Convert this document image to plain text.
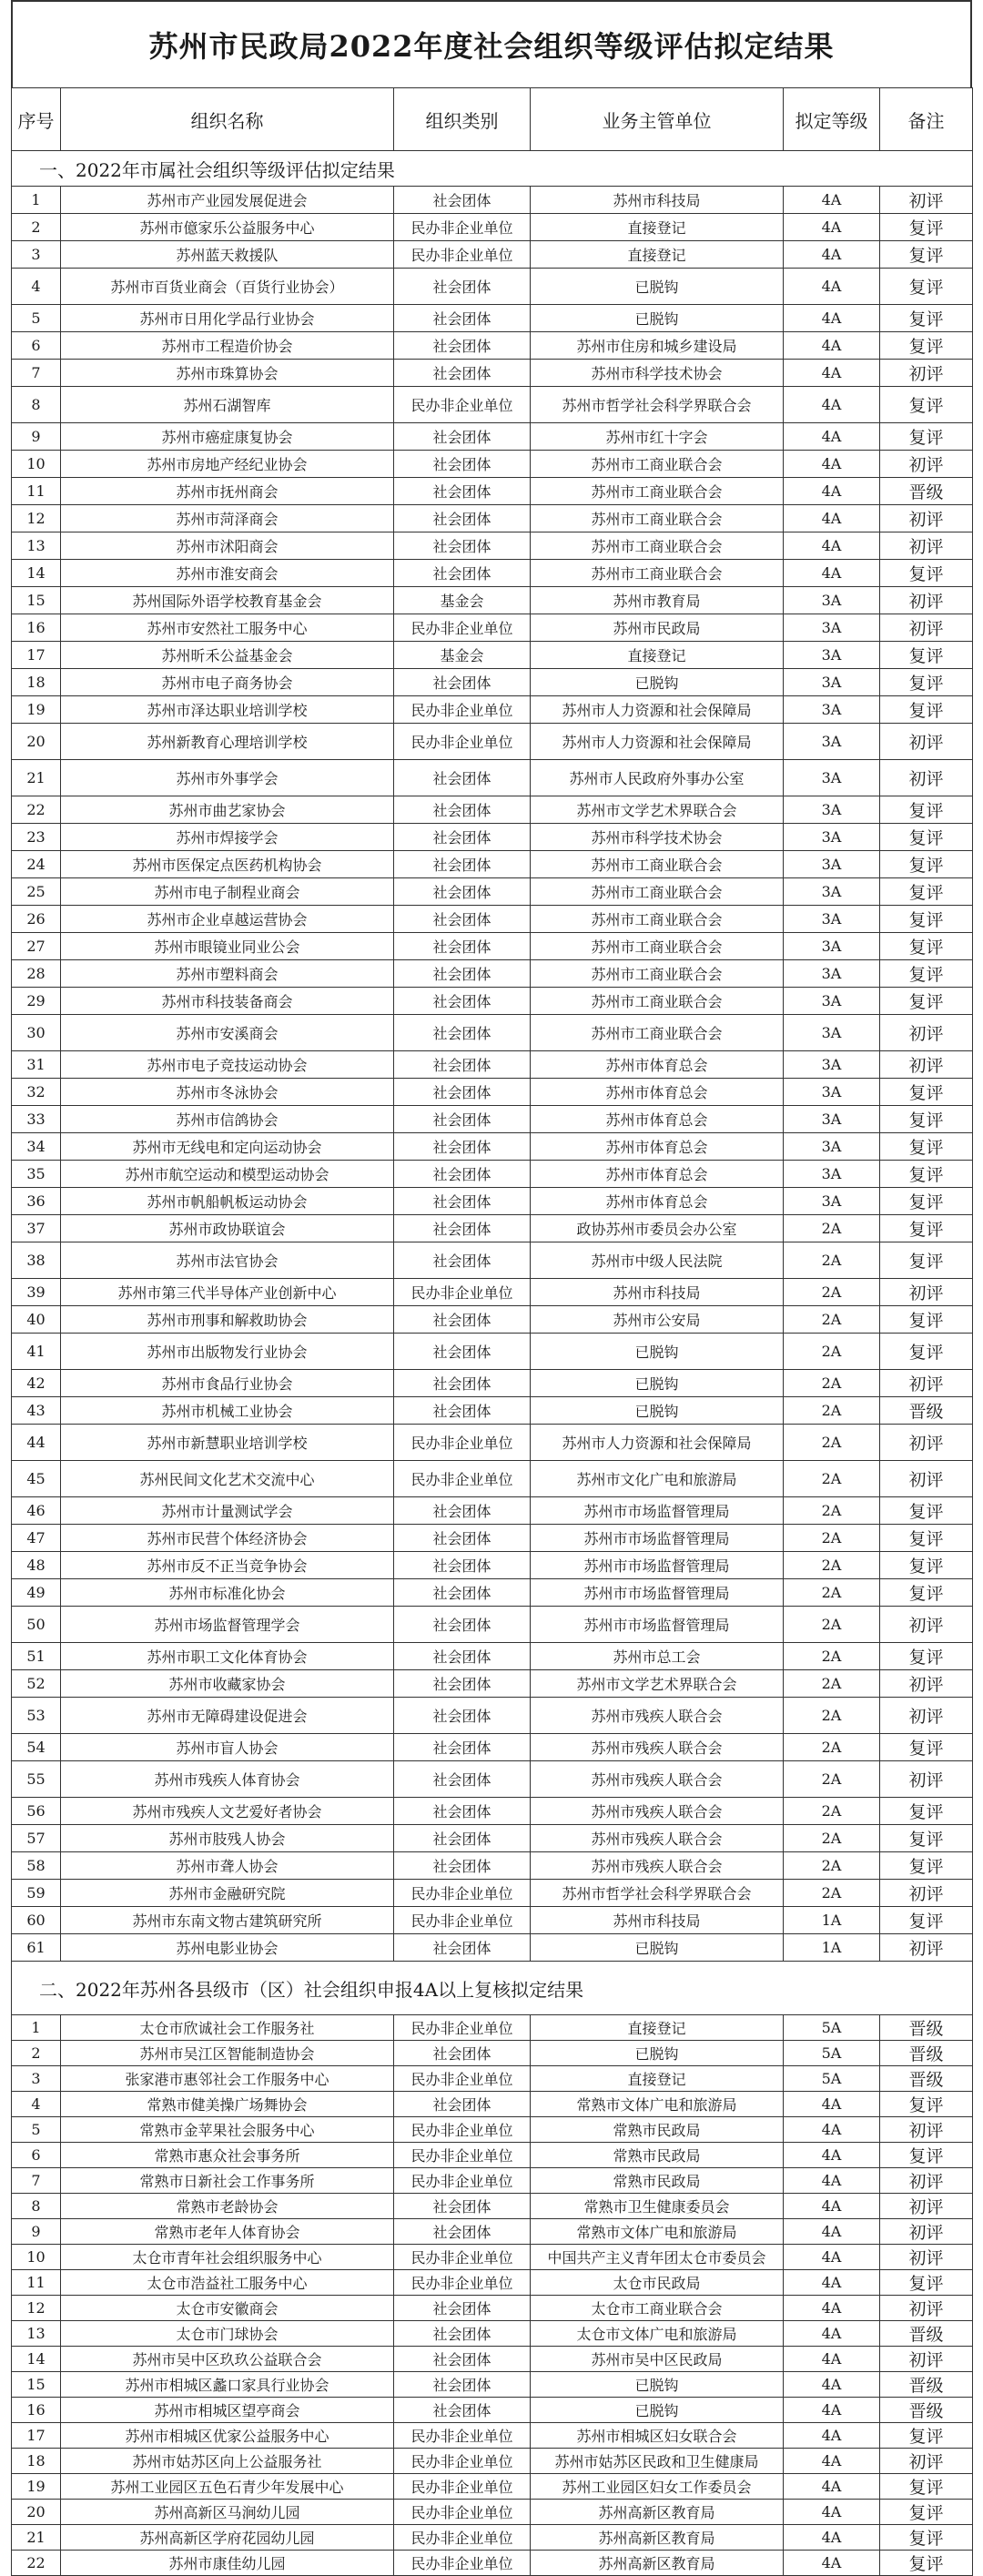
苏州市民政局2022年度社会组织等级评估拟定结果
序号	组织名称	组织类别	业务主管单位	拟定等级	备注
一、2022年市属社会组织等级评估拟定结果					
1	苏州市产业园发展促进会	社会团体	苏州市科技局	4A	初评
2	苏州市億家乐公益服务中心	民办非企业单位	直接登记	4A	复评
3	苏州蓝天救援队	民办非企业单位	直接登记	4A	复评
4	苏州市百货业商会（百货行业协会）	社会团体	已脱钩	4A	复评
5	苏州市日用化学品行业协会	社会团体	已脱钩	4A	复评
6	苏州市工程造价协会	社会团体	苏州市住房和城乡建设局	4A	复评
7	苏州市珠算协会	社会团体	苏州市科学技术协会	4A	初评
8	苏州石湖智库	民办非企业单位	苏州市哲学社会科学界联合会	4A	复评
9	苏州市癌症康复协会	社会团体	苏州市红十字会	4A	复评
10	苏州市房地产经纪业协会	社会团体	苏州市工商业联合会	4A	初评
11	苏州市抚州商会	社会团体	苏州市工商业联合会	4A	晋级
12	苏州市菏泽商会	社会团体	苏州市工商业联合会	4A	初评
13	苏州市沭阳商会	社会团体	苏州市工商业联合会	4A	初评
14	苏州市淮安商会	社会团体	苏州市工商业联合会	4A	复评
15	苏州国际外语学校教育基金会	基金会	苏州市教育局	3A	初评
16	苏州市安然社工服务中心	民办非企业单位	苏州市民政局	3A	初评
17	苏州昕禾公益基金会	基金会	直接登记	3A	复评
18	苏州市电子商务协会	社会团体	已脱钩	3A	复评
19	苏州市泽达职业培训学校	民办非企业单位	苏州市人力资源和社会保障局	3A	复评
20	苏州新教育心理培训学校	民办非企业单位	苏州市人力资源和社会保障局	3A	初评
21	苏州市外事学会	社会团体	苏州市人民政府外事办公室	3A	初评
22	苏州市曲艺家协会	社会团体	苏州市文学艺术界联合会	3A	复评
23	苏州市焊接学会	社会团体	苏州市科学技术协会	3A	复评
24	苏州市医保定点医药机构协会	社会团体	苏州市工商业联合会	3A	复评
25	苏州市电子制程业商会	社会团体	苏州市工商业联合会	3A	复评
26	苏州市企业卓越运营协会	社会团体	苏州市工商业联合会	3A	复评
27	苏州市眼镜业同业公会	社会团体	苏州市工商业联合会	3A	复评
28	苏州市塑料商会	社会团体	苏州市工商业联合会	3A	复评
29	苏州市科技装备商会	社会团体	苏州市工商业联合会	3A	复评
30	苏州市安溪商会	社会团体	苏州市工商业联合会	3A	初评
31	苏州市电子竞技运动协会	社会团体	苏州市体育总会	3A	初评
32	苏州市冬泳协会	社会团体	苏州市体育总会	3A	复评
33	苏州市信鸽协会	社会团体	苏州市体育总会	3A	复评
34	苏州市无线电和定向运动协会	社会团体	苏州市体育总会	3A	复评
35	苏州市航空运动和模型运动协会	社会团体	苏州市体育总会	3A	复评
36	苏州市帆船帆板运动协会	社会团体	苏州市体育总会	3A	复评
37	苏州市政协联谊会	社会团体	政协苏州市委员会办公室	2A	复评
38	苏州市法官协会	社会团体	苏州市中级人民法院	2A	复评
39	苏州市第三代半导体产业创新中心	民办非企业单位	苏州市科技局	2A	初评
40	苏州市刑事和解救助协会	社会团体	苏州市公安局	2A	复评
41	苏州市出版物发行业协会	社会团体	已脱钩	2A	复评
42	苏州市食品行业协会	社会团体	已脱钩	2A	初评
43	苏州市机械工业协会	社会团体	已脱钩	2A	晋级
44	苏州市新慧职业培训学校	民办非企业单位	苏州市人力资源和社会保障局	2A	初评
45	苏州民间文化艺术交流中心	民办非企业单位	苏州市文化广电和旅游局	2A	初评
46	苏州市计量测试学会	社会团体	苏州市市场监督管理局	2A	复评
47	苏州市民营个体经济协会	社会团体	苏州市市场监督管理局	2A	复评
48	苏州市反不正当竞争协会	社会团体	苏州市市场监督管理局	2A	复评
49	苏州市标准化协会	社会团体	苏州市市场监督管理局	2A	复评
50	苏州市场监督管理学会	社会团体	苏州市市场监督管理局	2A	初评
51	苏州市职工文化体育协会	社会团体	苏州市总工会	2A	复评
52	苏州市收藏家协会	社会团体	苏州市文学艺术界联合会	2A	初评
53	苏州市无障碍建设促进会	社会团体	苏州市残疾人联合会	2A	初评
54	苏州市盲人协会	社会团体	苏州市残疾人联合会	2A	复评
55	苏州市残疾人体育协会	社会团体	苏州市残疾人联合会	2A	初评
56	苏州市残疾人文艺爱好者协会	社会团体	苏州市残疾人联合会	2A	复评
57	苏州市肢残人协会	社会团体	苏州市残疾人联合会	2A	复评
58	苏州市聋人协会	社会团体	苏州市残疾人联合会	2A	复评
59	苏州市金融研究院	民办非企业单位	苏州市哲学社会科学界联合会	2A	初评
60	苏州市东南文物古建筑研究所	民办非企业单位	苏州市科技局	1A	复评
61	苏州电影业协会	社会团体	已脱钩	1A	初评
二、2022年苏州各县级市（区）社会组织申报4A以上复核拟定结果					
1	太仓市欣诚社会工作服务社	民办非企业单位	直接登记	5A	晋级
2	苏州市吴江区智能制造协会	社会团体	已脱钩	5A	晋级
3	张家港市惠邻社会工作服务中心	民办非企业单位	直接登记	5A	晋级
4	常熟市健美操广场舞协会	社会团体	常熟市文体广电和旅游局	4A	复评
5	常熟市金苹果社会服务中心	民办非企业单位	常熟市民政局	4A	初评
6	常熟市惠众社会事务所	民办非企业单位	常熟市民政局	4A	复评
7	常熟市日新社会工作事务所	民办非企业单位	常熟市民政局	4A	初评
8	常熟市老龄协会	社会团体	常熟市卫生健康委员会	4A	初评
9	常熟市老年人体育协会	社会团体	常熟市文体广电和旅游局	4A	初评
10	太仓市青年社会组织服务中心	民办非企业单位	中国共产主义青年团太仓市委员会	4A	初评
11	太仓市浩益社工服务中心	民办非企业单位	太仓市民政局	4A	复评
12	太仓市安徽商会	社会团体	太仓市工商业联合会	4A	初评
13	太仓市门球协会	社会团体	太仓市文体广电和旅游局	4A	晋级
14	苏州市吴中区玖玖公益联合会	社会团体	苏州市吴中区民政局	4A	初评
15	苏州市相城区蠡口家具行业协会	社会团体	已脱钩	4A	晋级
16	苏州市相城区望亭商会	社会团体	已脱钩	4A	晋级
17	苏州市相城区优家公益服务中心	民办非企业单位	苏州市相城区妇女联合会	4A	复评
18	苏州市姑苏区向上公益服务社	民办非企业单位	苏州市姑苏区民政和卫生健康局	4A	初评
19	苏州工业园区五色石青少年发展中心	民办非企业单位	苏州工业园区妇女工作委员会	4A	复评
20	苏州高新区马涧幼儿园	民办非企业单位	苏州高新区教育局	4A	复评
21	苏州高新区学府花园幼儿园	民办非企业单位	苏州高新区教育局	4A	复评
22	苏州市康佳幼儿园	民办非企业单位	苏州高新区教育局	4A	复评
